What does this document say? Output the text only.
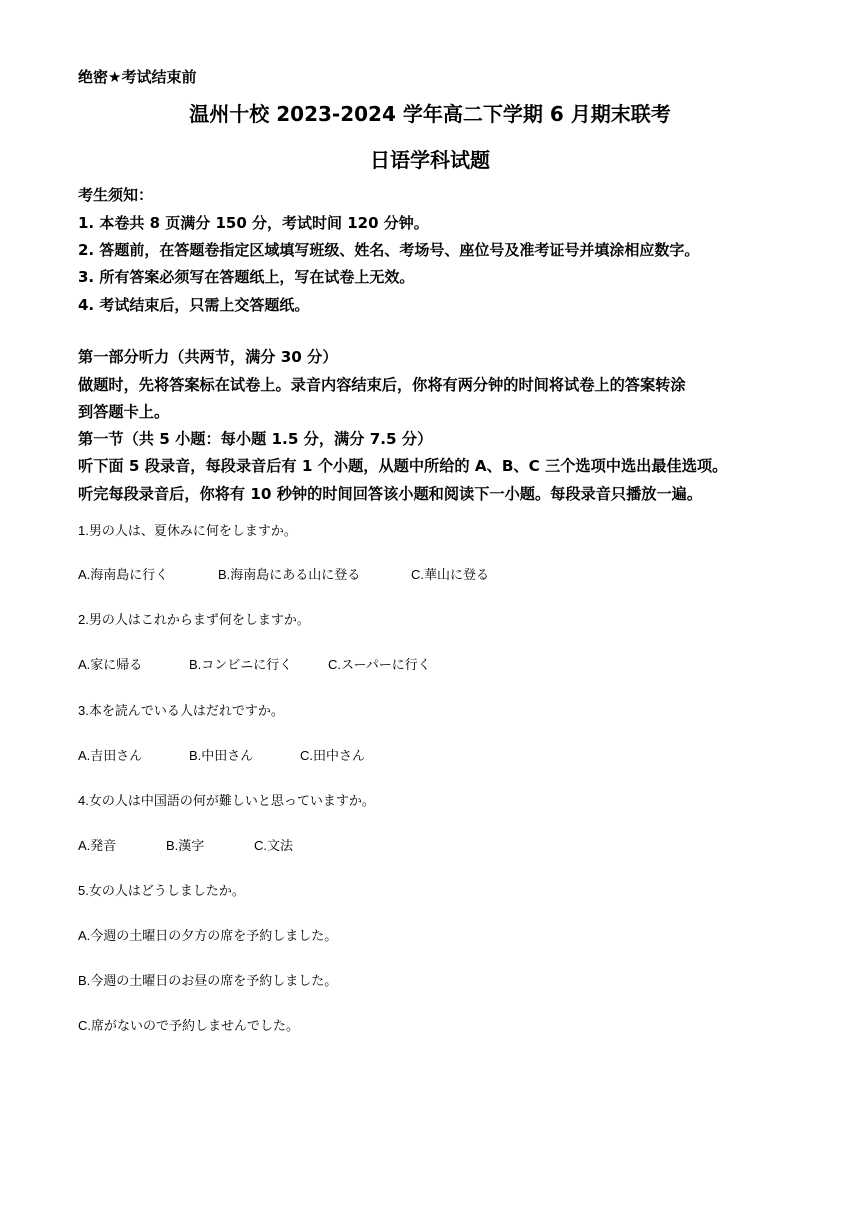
绝密★考试结束前
温州十校 2023-2024 学年高二下学期 6 月期末联考
日语学科试题
考生须知：
1. 本卷共 8 页满分 150 分，考试时间 120 分钟。
2. 答题前，在答题卷指定区域填写班级、姓名、考场号、座位号及准考证号并填涂相应数字。
3. 所有答案必须写在答题纸上，写在试卷上无效。
4. 考试结束后，只需上交答题纸。
第一部分听力（共两节，满分 30 分）
做题时，先将答案标在试卷上。录音内容结束后，你将有两分钟的时间将试卷上的答案转涂
到答题卡上。
第一节（共 5 小题：每小题 1.5 分，满分 7.5 分）
听下面 5 段录音，每段录音后有 1 个小题，从题中所给的 A、B、C 三个选项中选出最佳选项。
听完每段录音后，你将有 10 秒钟的时间回答该小题和阅读下一小题。每段录音只播放一遍。
1.男の人は、夏休みに何をしますか。
A.海南島に行く	B.海南島にある山に登る	C.華山に登る
2.男の人はこれからまず何をしますか。
A.家に帰る	B.コンビニに行く	C.スーパーに行く
3.本を読んでいる人はだれですか。
A.吉田さん	B.中田さん	C.田中さん
4.女の人は中国語の何が難しいと思っていますか。
A.発音	B.漢字	C.文法
5.女の人はどうしましたか。
A.今週の土曜日の夕方の席を予約しました。
B.今週の土曜日のお昼の席を予約しました。
C.席がないので予約しませんでした。
